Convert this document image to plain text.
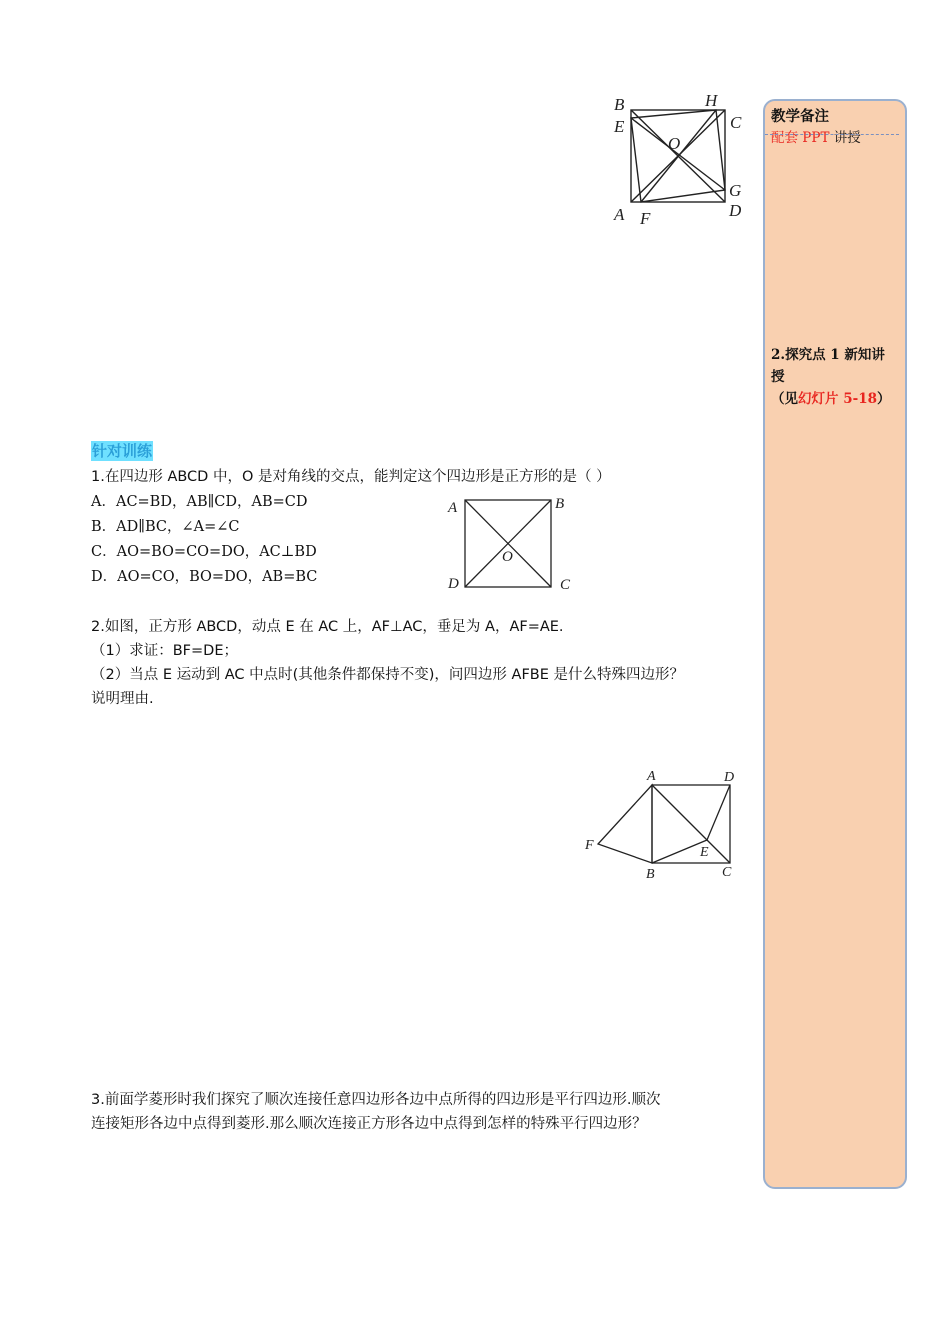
B	H
E	C
O
G
A F	D
教学备注
配套 PPT 讲授
2.探究点 1 新知讲
授
（见幻灯片 5-18）
针对训练
1.在四边形 ABCD 中，O 是对角线的交点，能判定这个四边形是正方形的是（ ）
A．AC=BD，AB∥CD，AB=CD
B．AD∥BC，∠A=∠C
C．AO=BO=CO=DO，AC⊥BD
D．AO=CO，BO=DO，AB=BC
A	B
O
D	C
2.如图，正方形 ABCD，动点 E 在 AC 上，AF⊥AC，垂足为 A，AF=AE.
（1）求证：BF=DE；
（2）当点 E 运动到 AC 中点时(其他条件都保持不变)，问四边形 AFBE 是什么特殊四边形？
说明理由.
A	D
F	E
B	C
3.前面学菱形时我们探究了顺次连接任意四边形各边中点所得的四边形是平行四边形.顺次
连接矩形各边中点得到菱形.那么顺次连接正方形各边中点得到怎样的特殊平行四边形？
